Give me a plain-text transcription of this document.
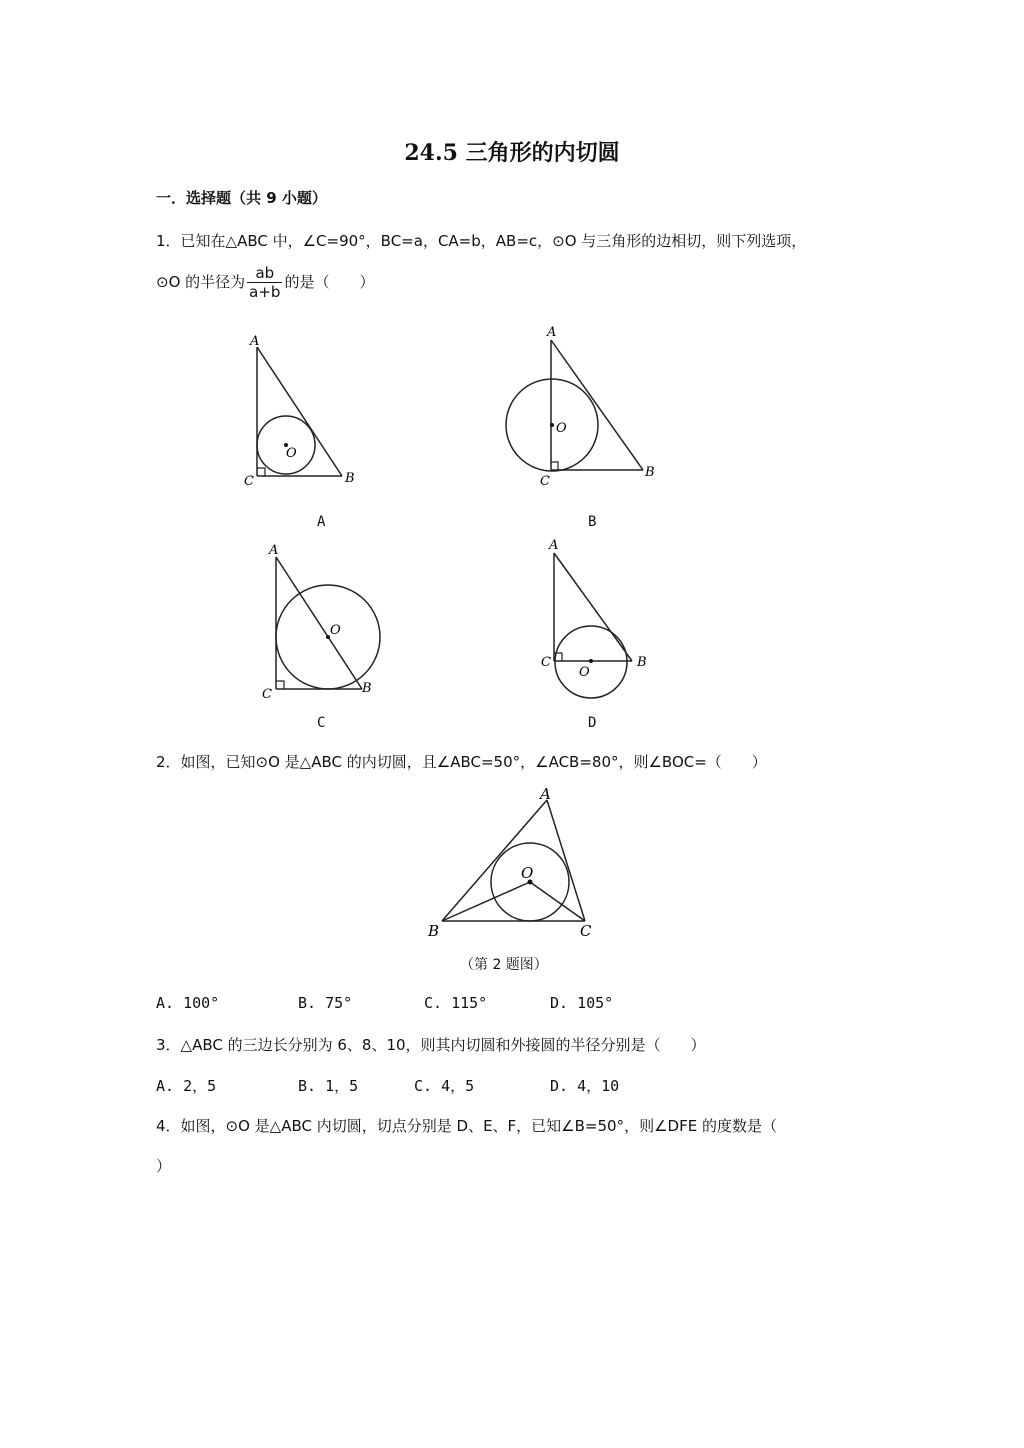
24.5 三角形的内切圆
一．选择题（共 9 小题）
1．已知在△ABC 中，∠C=90°，BC=a，CA=b，AB=c，⊙O 与三角形的边相切，则下列选项，
⊙O 的半径为 $\frac{ab}{a+b}$ 的是（　　）
A
C	B
O
A
A
C
B
O
B
A
C	B
O
C
A
C	B
O
D
2．如图，已知⊙O 是△ABC 的内切圆，且∠ABC=50°，∠ACB=80°，则∠BOC=（　　）
A
B	C
O
（第 2 题图）
A. 100°	B. 75°	C. 115°	D. 105°
3．△ABC 的三边长分别为 6、8、10，则其内切圆和外接圆的半径分别是（　　）
A. 2，5	B. 1，5	C. 4，5	D. 4，10
4．如图，⊙O 是△ABC 内切圆，切点分别是 D、E、F，已知∠B=50°，则∠DFE 的度数是（
）
